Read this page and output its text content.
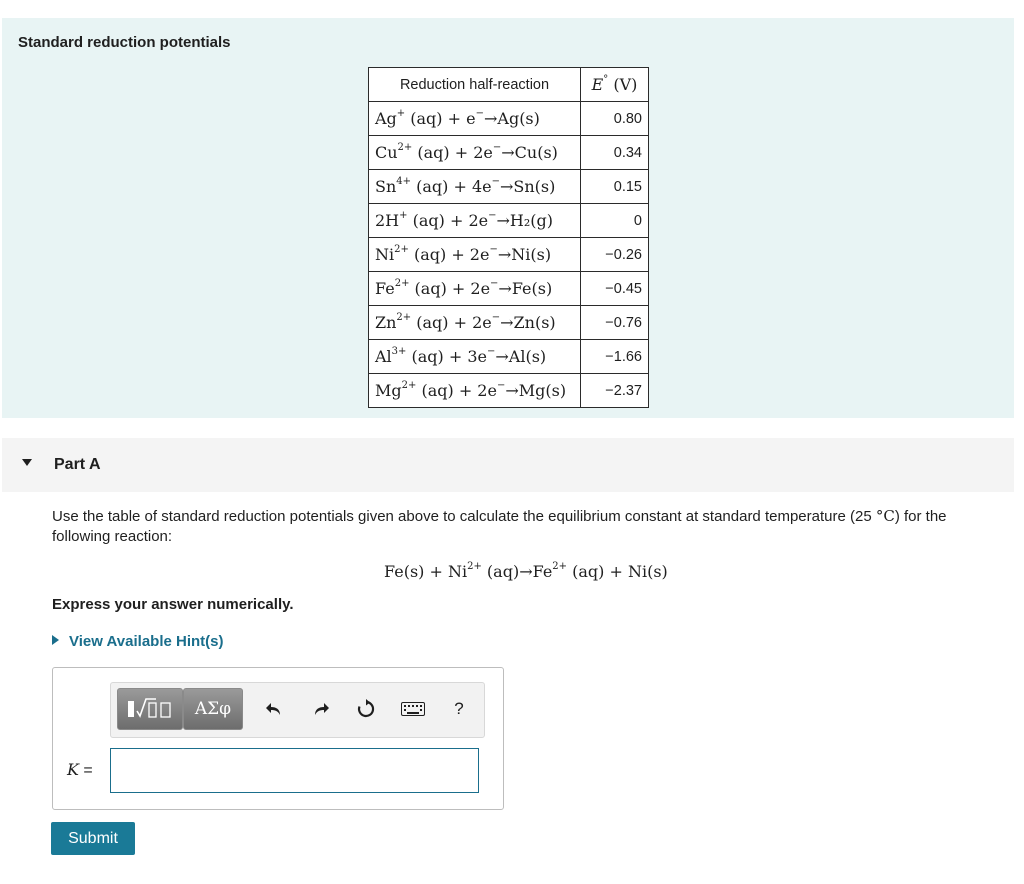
Standard reduction potentials
Reduction half-reaction	E° (V)
Ag+ (aq) + e−→Ag(s)	0.80
$Cu^{2+}$ (aq) + 2e−→Cu(s)	0.34
$Sn^{4+}$ (aq) + 4e−→Sn(s)	0.15
2H+ (aq) + 2e−→H₂(g)	0
$Ni^{2+}$ (aq) + 2e−→Ni(s)	−0.26
$Fe^{2+}$ (aq) + 2e−→Fe(s)	−0.45
$Zn^{2+}$ (aq) + 2e−→Zn(s)	−0.76
$Al^{3+}$ (aq) + 3e−→Al(s)	−1.66
$Mg^{2+}$ (aq) + 2e−→Mg(s)	−2.37
Part A
Use the table of standard reduction potentials given above to calculate the equilibrium constant at standard temperature (25 °C) for the following reaction:
$Fe(s) + Ni^{2+}$ $(aq)\to Fe^{2+}$ (aq) + Ni(s)
Express your answer numerically.
View Available Hint(s)
ΑΣφ	?
K =
Submit
